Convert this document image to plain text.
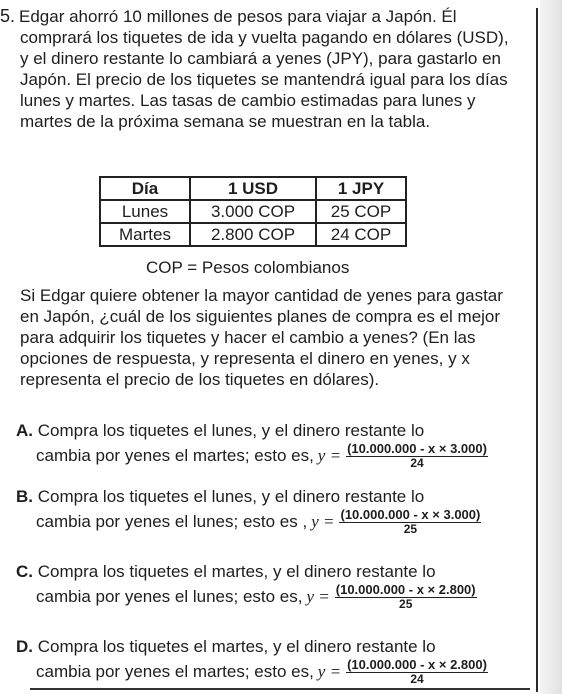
5. Edgar ahorró 10 millones de pesos para viajar a Japón. Él comprará los tiquetes de ida y vuelta pagando en dólares (USD), y el dinero restante lo cambiará a yenes (JPY), para gastarlo en Japón. El precio de los tiquetes se mantendrá igual para los días lunes y martes. Las tasas de cambio estimadas para lunes y martes de la próxima semana se muestran en la tabla.

Día	1 USD	1 JPY
Lunes	3.000 COP	25 COP
Martes	2.800 COP	24 COP
COP = Pesos colombianos

Si Edgar quiere obtener la mayor cantidad de yenes para gastar en Japón, ¿cuál de los siguientes planes de compra es el mejor para adquirir los tiquetes y hacer el cambio a yenes? (En las opciones de respuesta, y representa el dinero en yenes, y x representa el precio de los tiquetes en dólares).

A. Compra los tiquetes el lunes, y el dinero restante lo
cambia por yenes el martes; esto es, $y = \frac{(10.000.000 - x \times 3.000)}{24}$
B. Compra los tiquetes el lunes, y el dinero restante lo
cambia por yenes el lunes; esto es , $y = \frac{(10.000.000 - x \times 3.000)}{25}$
C. Compra los tiquetes el martes, y el dinero restante lo
cambia por yenes el lunes; esto es, $y = \frac{(10.000.000 - x \times 2.800)}{25}$
D. Compra los tiquetes el martes, y el dinero restante lo
cambia por yenes el martes; esto es, $y = \frac{(10.000.000 - x \times 2.800)}{24}$
